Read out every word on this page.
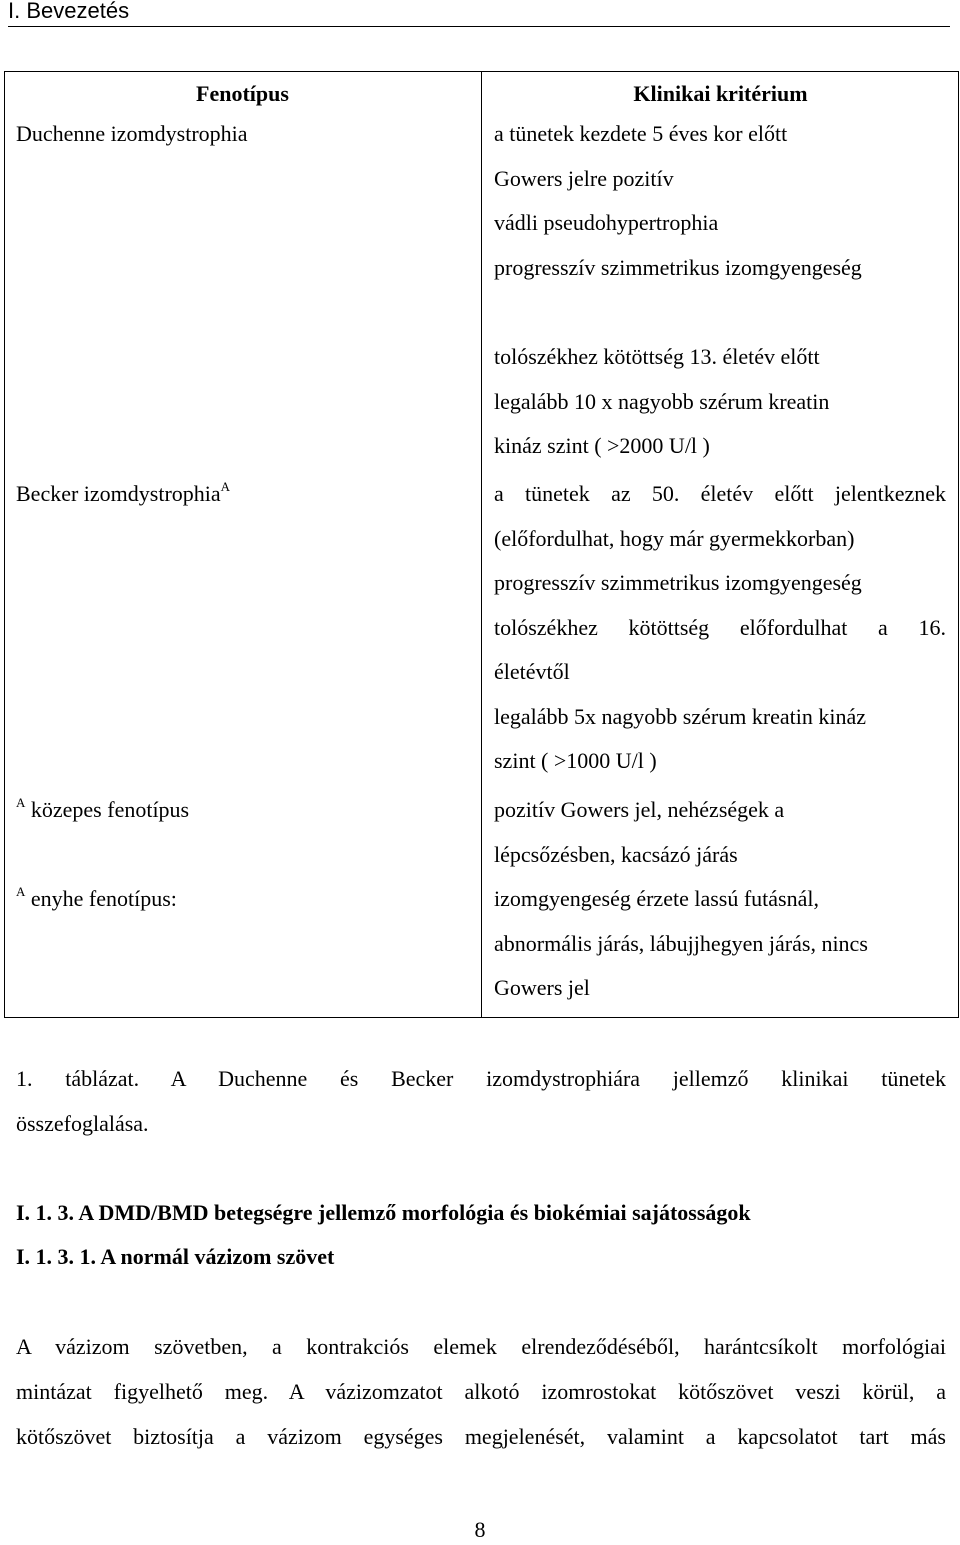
I. Bevezetés
Fenotípus	Klinikai kritérium
Duchenne izomdystrophia	a tünetek kezdete 5 éves kor előtt
Gowers jelre pozitív
vádli pseudohypertrophia
progresszív szimmetrikus izomgyengeség
tolószékhez kötöttség 13. életév előtt
legalább 10 x nagyobb szérum kreatin
kináz szint ( >2000 U/l )
Becker izomdystrophia$^A$	a tünetek az 50. életév előtt jelentkeznek
(előfordulhat, hogy már gyermekkorban)
progresszív szimmetrikus izomgyengeség
tolószékhez kötöttség előfordulhat a 16.
életévtől
legalább 5x nagyobb szérum kreatin kináz
szint ( >1000 U/l )
$^A$ közepes fenotípus	pozitív Gowers jel, nehézségek a
lépcsőzésben, kacsázó járás
$^A$ enyhe fenotípus:	izomgyengeség érzete lassú futásnál,
abnormális járás, lábujjhegyen járás, nincs
Gowers jel
1. táblázat. A Duchenne és Becker izomdystrophiára jellemző klinikai tünetek
összefoglalása.
I. 1. 3. A DMD/BMD betegségre jellemző morfológia és biokémiai sajátosságok
I. 1. 3. 1. A normál vázizom szövet
A vázizom szövetben, a kontrakciós elemek elrendeződéséből, harántcsíkolt morfológiai
mintázat figyelhető meg. A vázizomzatot alkotó izomrostokat kötőszövet veszi körül, a
kötőszövet biztosítja a vázizom egységes megjelenését, valamint a kapcsolatot tart más
8
